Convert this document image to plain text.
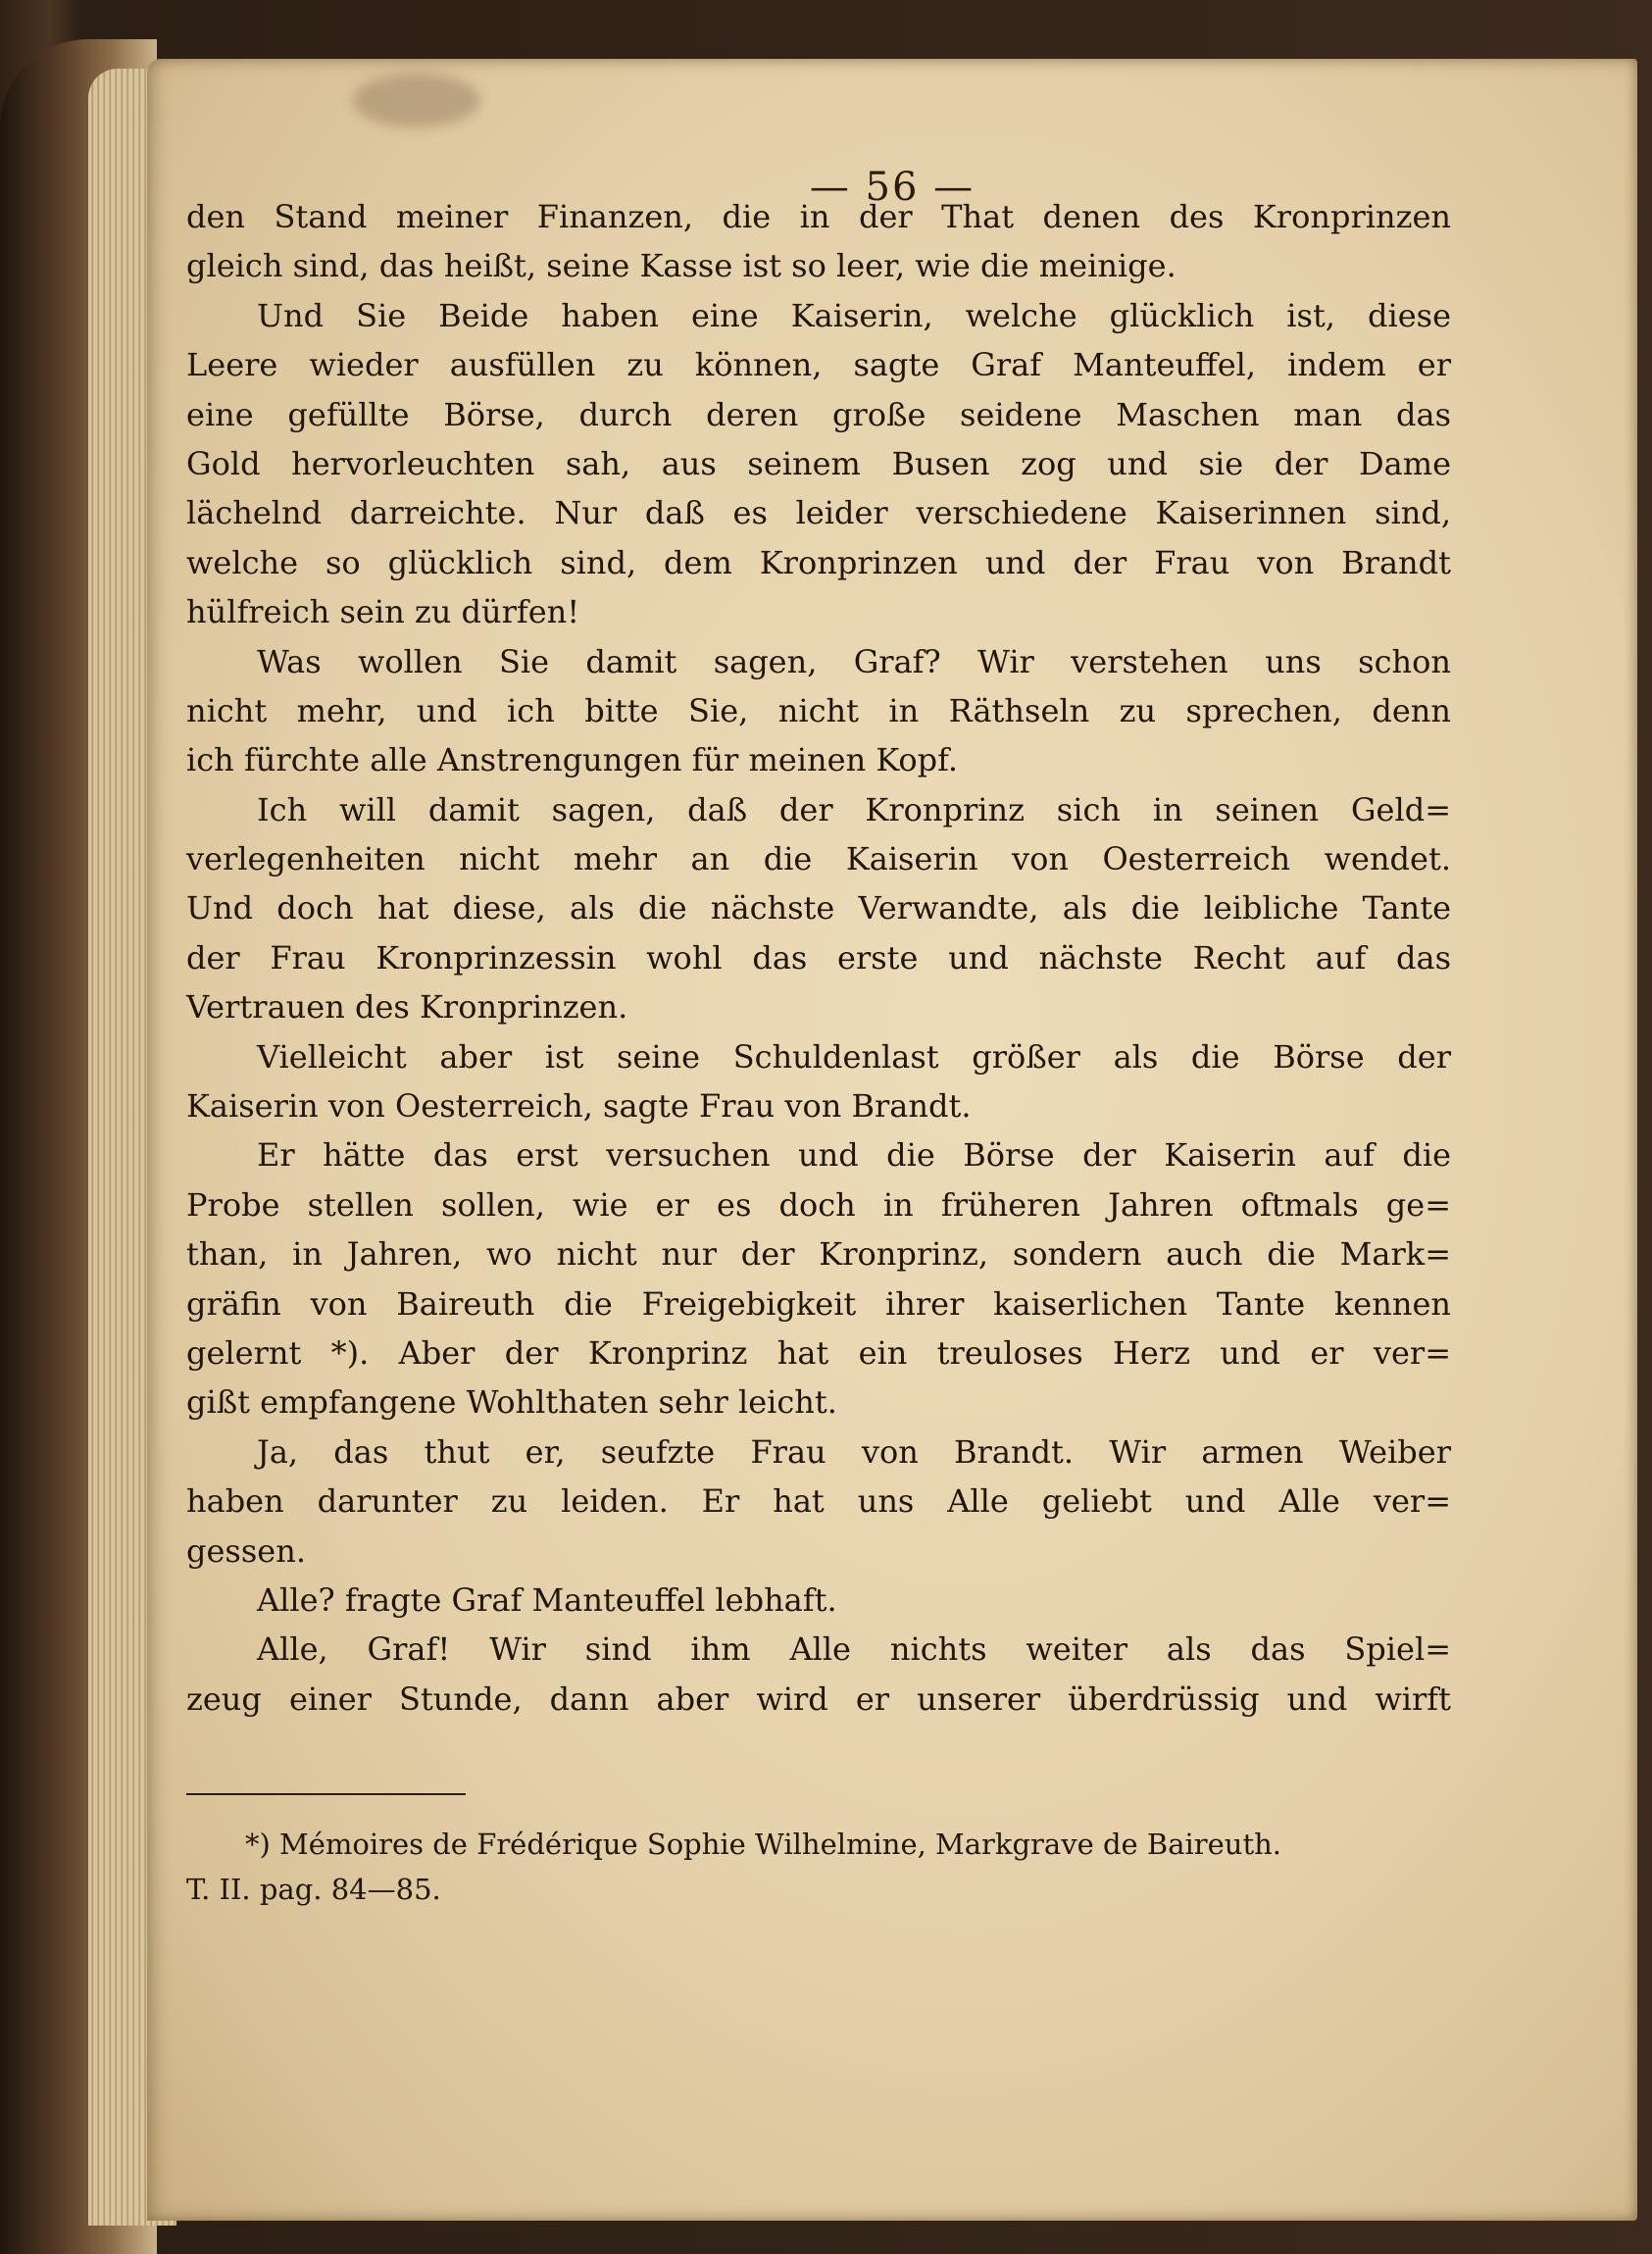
— 56 —
den Stand meiner Finanzen, die in der That denen des Kronprinzen
gleich sind, das heißt, seine Kasse ist so leer, wie die meinige.
Und Sie Beide haben eine Kaiserin, welche glücklich ist, diese
Leere wieder ausfüllen zu können, sagte Graf Manteuffel, indem er
eine gefüllte Börse, durch deren große seidene Maschen man das
Gold hervorleuchten sah, aus seinem Busen zog und sie der Dame
lächelnd darreichte. Nur daß es leider verschiedene Kaiserinnen sind,
welche so glücklich sind, dem Kronprinzen und der Frau von Brandt
hülfreich sein zu dürfen!
Was wollen Sie damit sagen, Graf? Wir verstehen uns schon
nicht mehr, und ich bitte Sie, nicht in Räthseln zu sprechen, denn
ich fürchte alle Anstrengungen für meinen Kopf.
Ich will damit sagen, daß der Kronprinz sich in seinen Geld=
verlegenheiten nicht mehr an die Kaiserin von Oesterreich wendet.
Und doch hat diese, als die nächste Verwandte, als die leibliche Tante
der Frau Kronprinzessin wohl das erste und nächste Recht auf das
Vertrauen des Kronprinzen.
Vielleicht aber ist seine Schuldenlast größer als die Börse der
Kaiserin von Oesterreich, sagte Frau von Brandt.
Er hätte das erst versuchen und die Börse der Kaiserin auf die
Probe stellen sollen, wie er es doch in früheren Jahren oftmals ge=
than, in Jahren, wo nicht nur der Kronprinz, sondern auch die Mark=
gräfin von Baireuth die Freigebigkeit ihrer kaiserlichen Tante kennen
gelernt *). Aber der Kronprinz hat ein treuloses Herz und er ver=
gißt empfangene Wohlthaten sehr leicht.
Ja, das thut er, seufzte Frau von Brandt. Wir armen Weiber
haben darunter zu leiden. Er hat uns Alle geliebt und Alle ver=
gessen.
Alle? fragte Graf Manteuffel lebhaft.
Alle, Graf! Wir sind ihm Alle nichts weiter als das Spiel=
zeug einer Stunde, dann aber wird er unserer überdrüssig und wirft
*) Mémoires de Frédérique Sophie Wilhelmine, Markgrave de Baireuth.
T. II. pag. 84—85.
